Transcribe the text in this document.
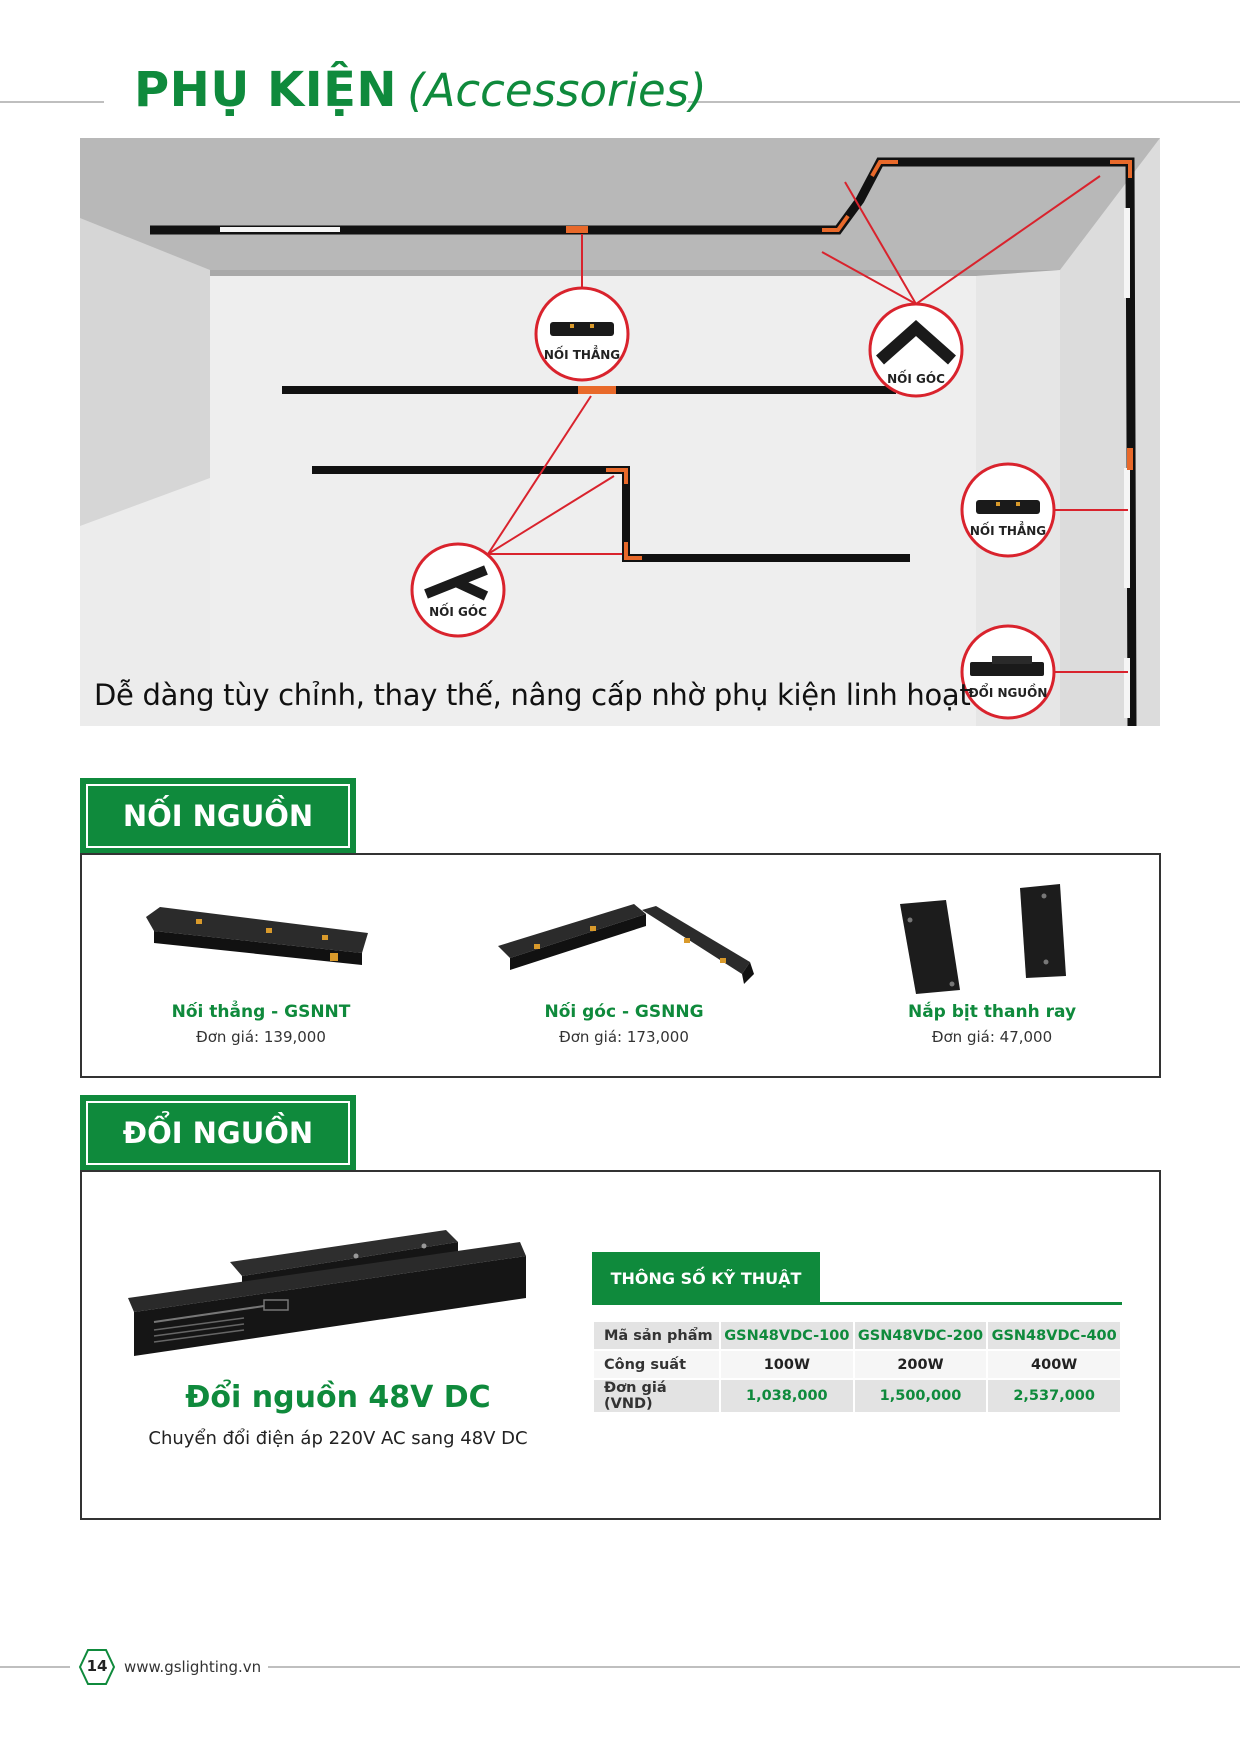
PHỤ KIỆN (Accessories)
NỐI THẲNG
NỐI GÓC
NỐI THẲNG
NỐI GÓC
ĐỔI NGUỒN
Dễ dàng tùy chỉnh, thay thế, nâng cấp nhờ phụ kiện linh hoạt
NỐI NGUỒN
Nối thẳng - GSNNT
Đơn giá: 139,000
Nối góc - GSNNG
Đơn giá: 173,000
Nắp bịt thanh ray
Đơn giá: 47,000
ĐỔI NGUỒN
Đổi nguồn 48V DC
Chuyển đổi điện áp 220V AC sang 48V DC
THÔNG SỐ KỸ THUẬT
Mã sản phẩm	GSN48VDC-100	GSN48VDC-200	GSN48VDC-400
Công suất	100W	200W	400W
Đơn giá (VND)	1,038,000	1,500,000	2,537,000
14	www.gslighting.vn
